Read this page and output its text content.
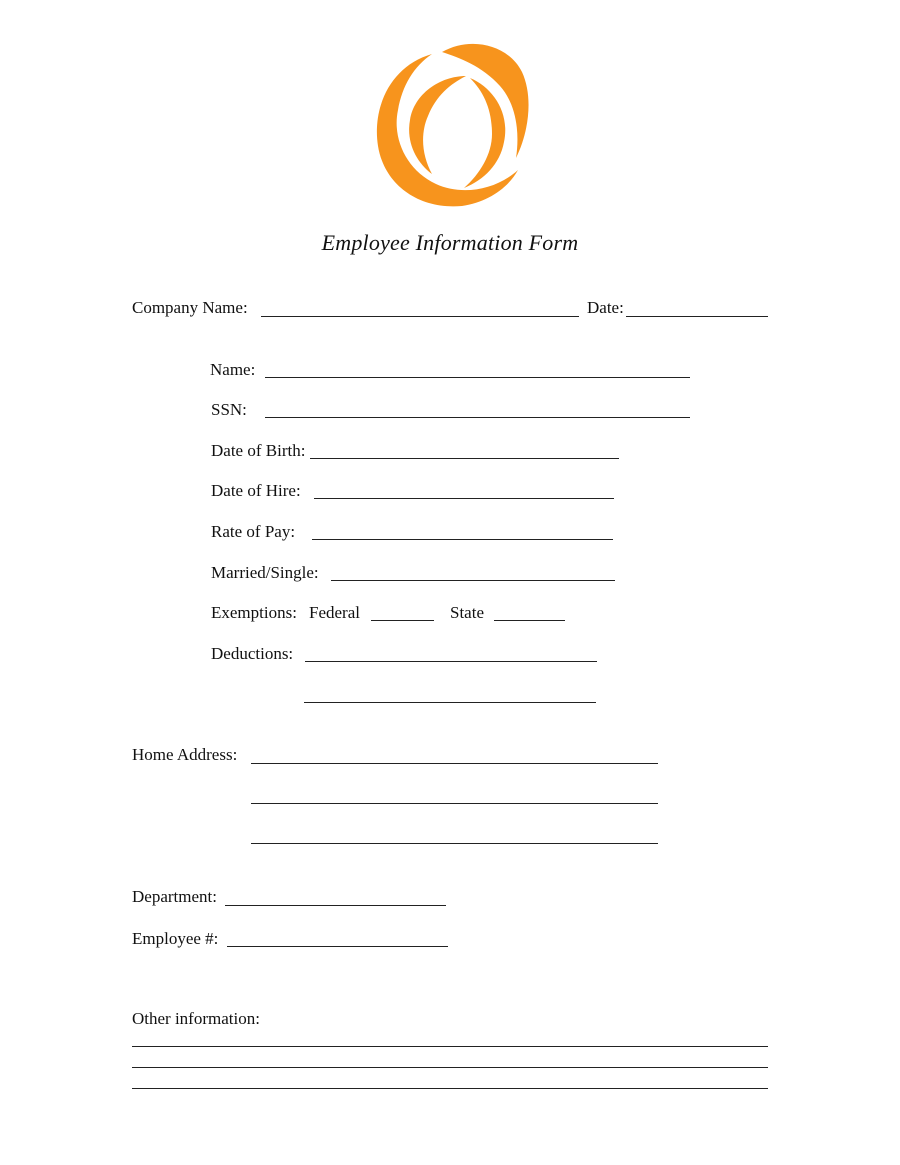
Employee Information Form
Company Name:	Date:
Name:
SSN:
Date of Birth:
Date of Hire:
Rate of Pay:
Married/Single:
Exemptions: Federal	State
Deductions:
Home Address:
Department:
Employee #:
Other information:
